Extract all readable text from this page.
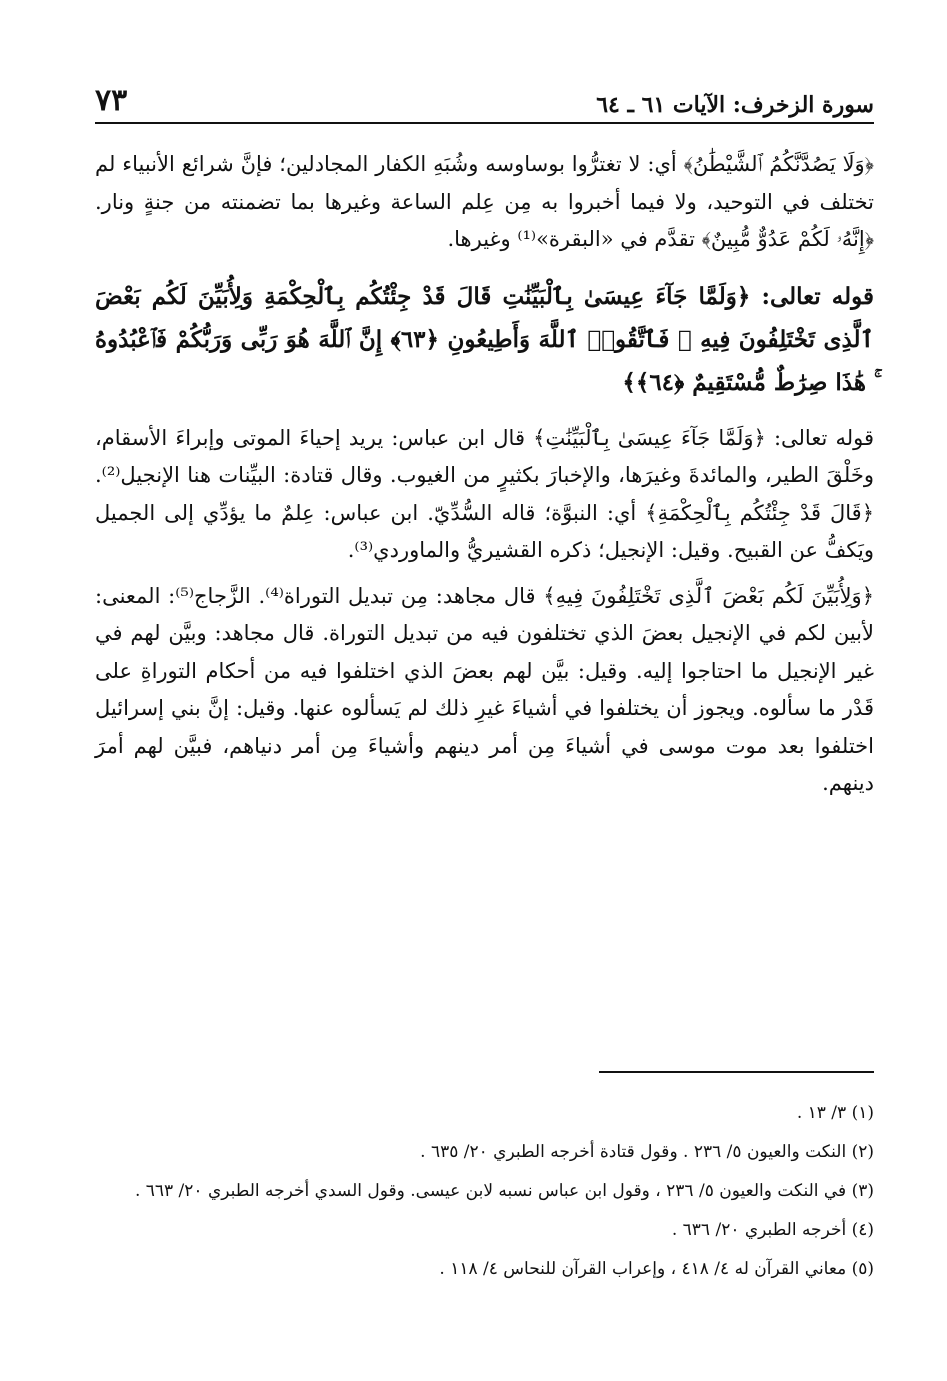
سورة الزخرف: الآيات ٦١ ـ ٦٤
٧٣

﴿وَلَا يَصُدَّنَّكُمُ ٱلشَّيْطَٰنُ﴾ أي: لا تغترُّوا بوساوسه وشُبَهِ الكفار المجادلين؛ فإنَّ شرائع الأنبياء لم تختلف في التوحيد، ولا فيما أخبروا به مِن عِلم الساعة وغيرها بما تضمنته من جنةٍ ونار. ﴿إِنَّهُۥ لَكُمْ عَدُوٌّ مُّبِينٌ﴾ تقدَّم في «البقرة»⁽¹⁾ وغيرها.

قوله تعالى: ﴿وَلَمَّا جَآءَ عِيسَىٰ بِٱلْبَيِّنَٰتِ قَالَ قَدْ جِئْتُكُم بِٱلْحِكْمَةِ وَلِأُبَيِّنَ لَكُم بَعْضَ ٱلَّذِى تَخْتَلِفُونَ فِيهِ ۖ فَٱتَّقُوا۟ ٱللَّهَ وَأَطِيعُونِ ﴿٦٣﴾ إِنَّ ٱللَّهَ هُوَ رَبِّى وَرَبُّكُمْ فَٱعْبُدُوهُ ۚ هَٰذَا صِرَٰطٌ مُّسْتَقِيمٌ ﴿٦٤﴾﴾

قوله تعالى: ﴿وَلَمَّا جَآءَ عِيسَىٰ بِٱلْبَيِّنَٰتِ﴾ قال ابن عباس: يريد إحياءَ الموتى وإبراءَ الأسقام، وخَلْقَ الطير، والمائدةَ وغيرَها، والإخبارَ بكثيرٍ من الغيوب. وقال قتادة: البيِّنات هنا الإنجيل⁽²⁾. ﴿قَالَ قَدْ جِئْتُكُم بِٱلْحِكْمَةِ﴾ أي: النبوَّة؛ قاله السُّدِّيّ. ابن عباس: عِلمٌ ما يؤدِّي إلى الجميل ويَكفُّ عن القبيح. وقيل: الإنجيل؛ ذكره القشيريُّ والماوردي⁽³⁾.

﴿وَلِأُبَيِّنَ لَكُم بَعْضَ ٱلَّذِى تَخْتَلِفُونَ فِيهِ﴾ قال مجاهد: مِن تبديل التوراة⁽⁴⁾. الزَّجاج⁽⁵⁾: المعنى: لأبين لكم في الإنجيل بعضَ الذي تختلفون فيه من تبديل التوراة. قال مجاهد: وبيَّن لهم في غير الإنجيل ما احتاجوا إليه. وقيل: بيَّن لهم بعضَ الذي اختلفوا فيه من أحكام التوراةِ على قَدْر ما سألوه. ويجوز أن يختلفوا في أشياءَ غيرِ ذلك لم يَسألوه عنها. وقيل: إنَّ بني إسرائيل اختلفوا بعد موت موسى في أشياءَ مِن أمر دينهم وأشياءَ مِن أمر دنياهم، فبيَّن لهم أمرَ دينهم.

(١) ٣/ ١٣ .
(٢) النكت والعيون ٥/ ٢٣٦ . وقول قتادة أخرجه الطبري ٢٠/ ٦٣٥ .
(٣) في النكت والعيون ٥/ ٢٣٦ ، وقول ابن عباس نسبه لابن عيسى. وقول السدي أخرجه الطبري ٢٠/ ٦٦٣ .
(٤) أخرجه الطبري ٢٠/ ٦٣٦ .
(٥) معاني القرآن له ٤/ ٤١٨ ، وإعراب القرآن للنحاس ٤/ ١١٨ .
